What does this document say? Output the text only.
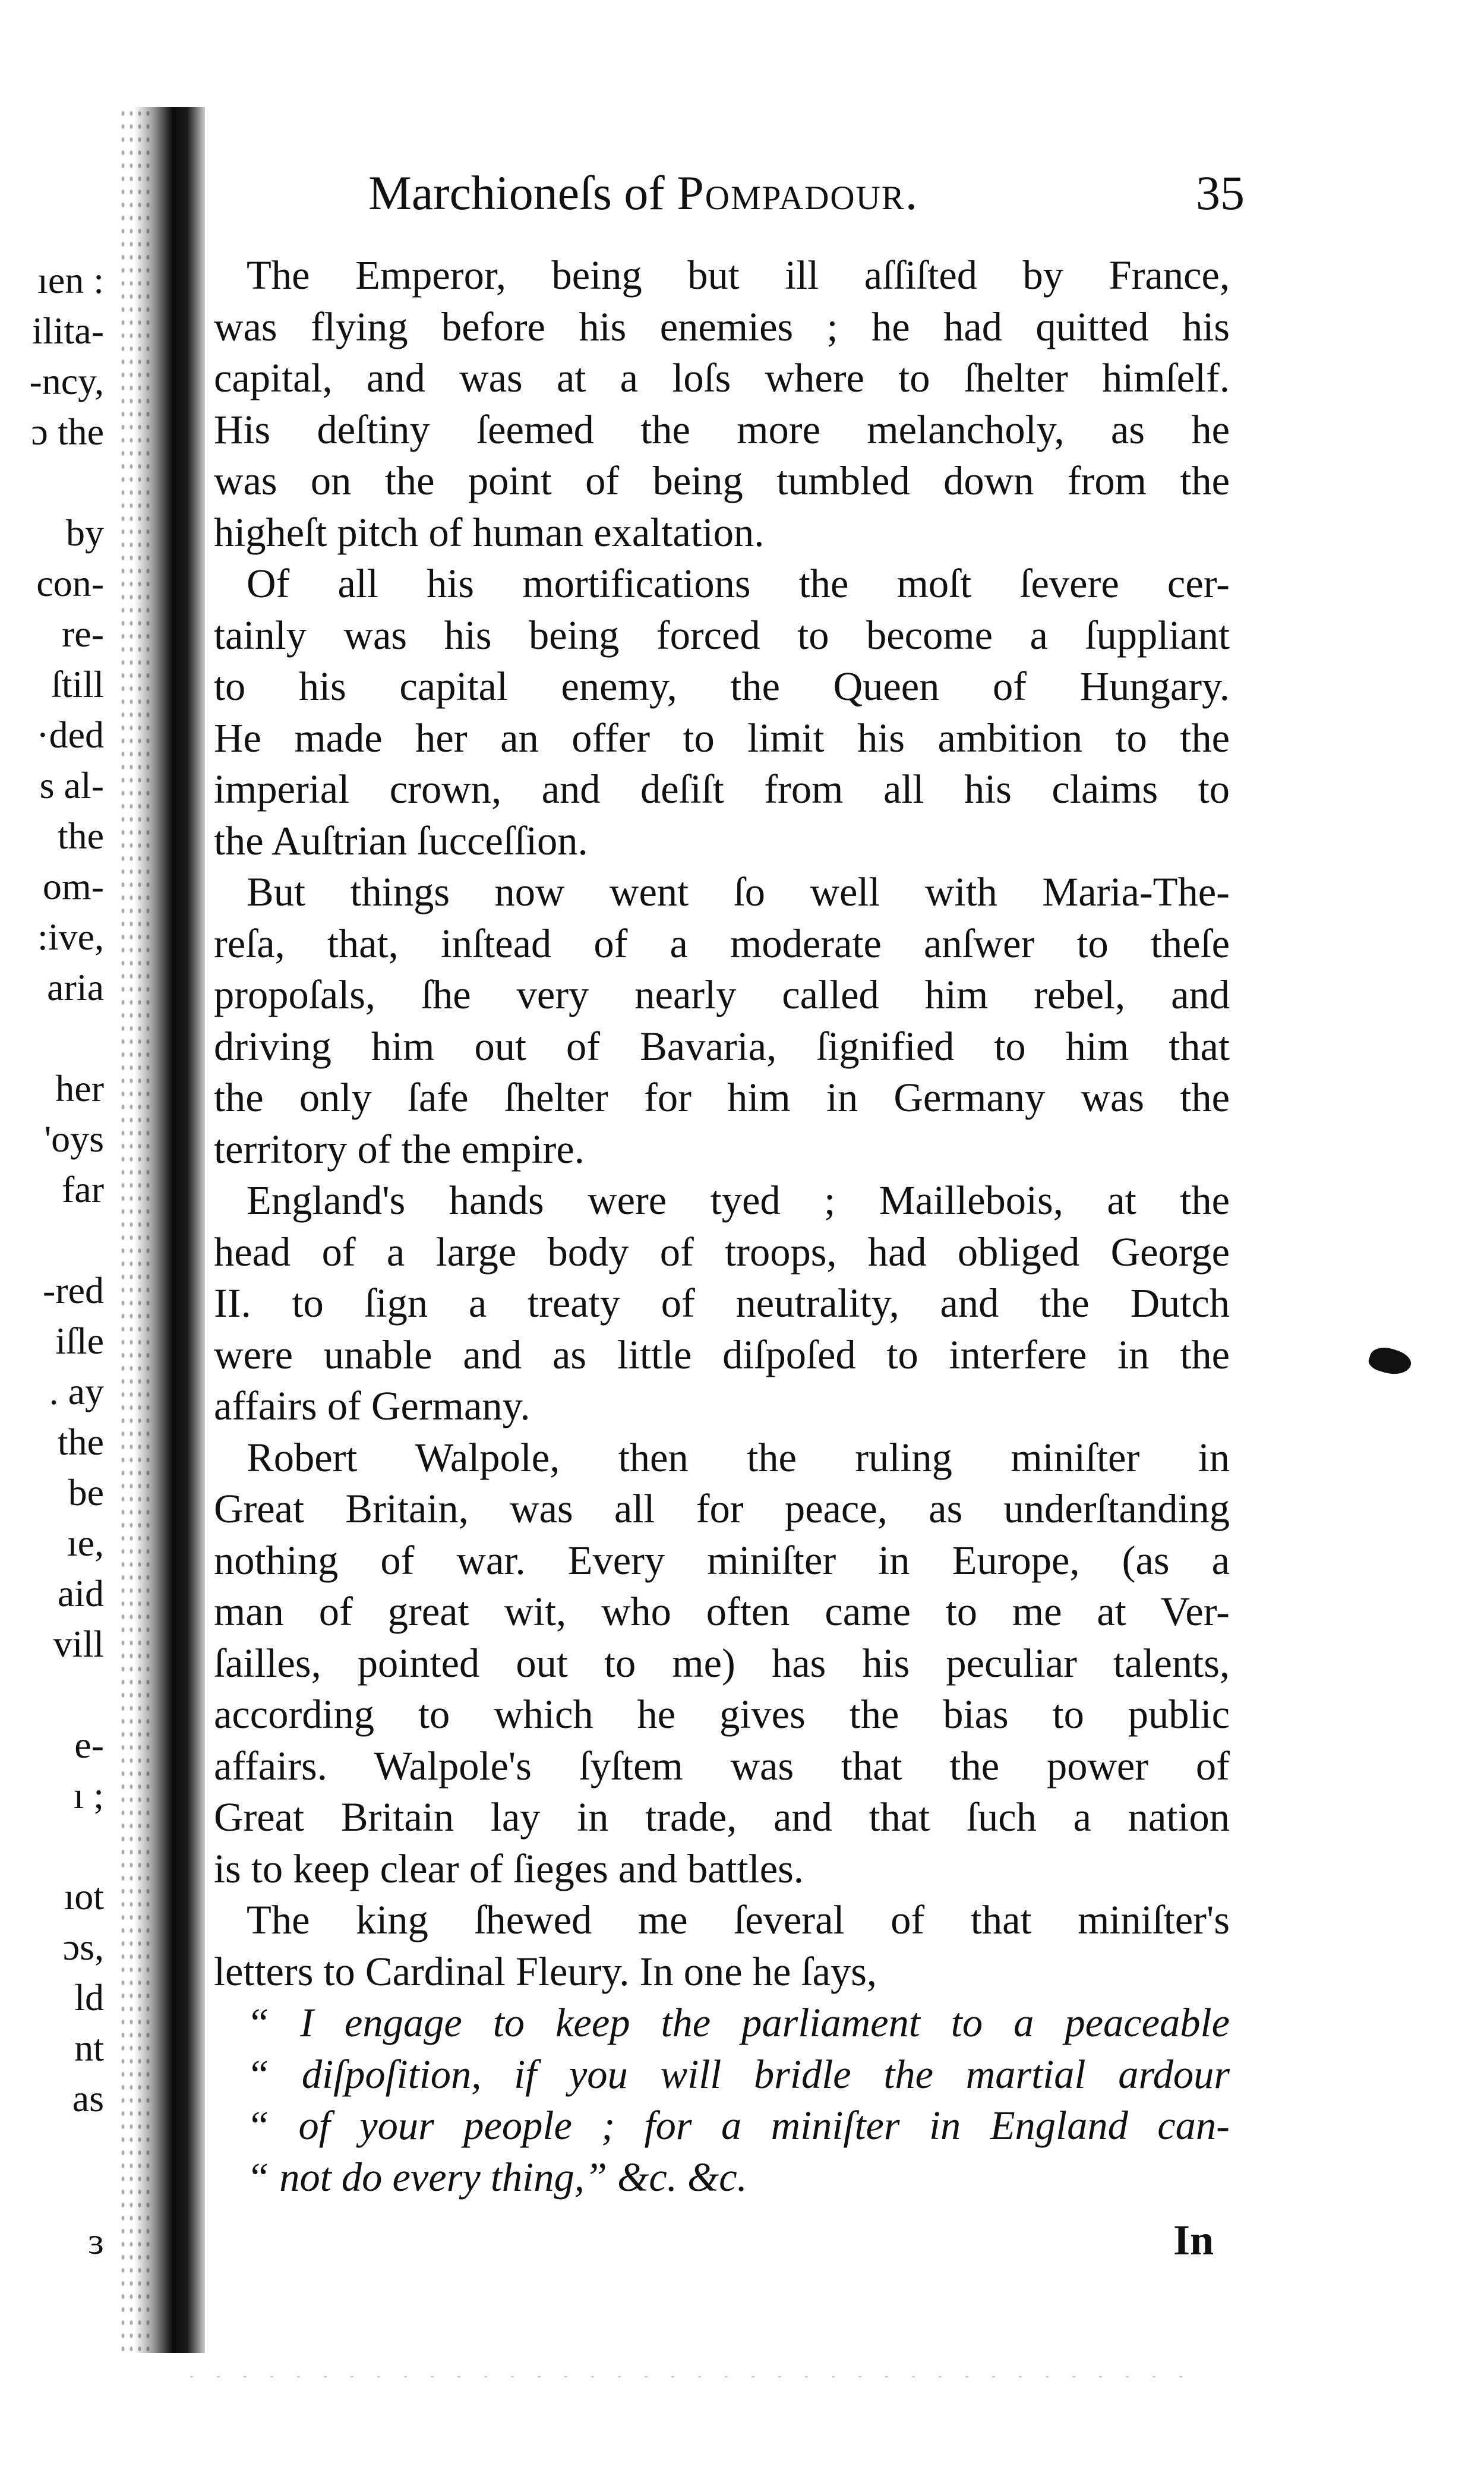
ıen :
ilita-
-ncy,
ɔ the
by
con-
re-
ſtill
·ded
s al-
the
om-
:ive,
aria
her
'oys
far
-red
iſle
. ay
the
be
ıe,
aid
vill
e-
ı ;
ıot
ɔs,
ld
nt
as
ɜ
Marchioneſs of Pompadour.	35
The Emperor, being but ill aſſiſted by France,
was flying before his enemies ; he had quitted his
capital, and was at a loſs where to ſhelter himſelf.
His deſtiny ſeemed the more melancholy, as he
was on the point of being tumbled down from the
higheſt pitch of human exaltation.
Of all his mortifications the moſt ſevere cer-
tainly was his being forced to become a ſuppliant
to his capital enemy, the Queen of Hungary.
He made her an offer to limit his ambition to the
imperial crown, and deſiſt from all his claims to
the Auſtrian ſucceſſion.
But things now went ſo well with Maria-The-
reſa, that, inſtead of a moderate anſwer to theſe
propoſals, ſhe very nearly called him rebel, and
driving him out of Bavaria, ſignified to him that
the only ſafe ſhelter for him in Germany was the
territory of the empire.
England's hands were tyed ; Maillebois, at the
head of a large body of troops, had obliged George
II. to ſign a treaty of neutrality, and the Dutch
were unable and as little diſpoſed to interfere in the
affairs of Germany.
Robert Walpole, then the ruling miniſter in
Great Britain, was all for peace, as underſtanding
nothing of war. Every miniſter in Europe, (as a
man of great wit, who often came to me at Ver-
ſailles, pointed out to me) has his peculiar talents,
according to which he gives the bias to public
affairs. Walpole's ſyſtem was that the power of
Great Britain lay in trade, and that ſuch a nation
is to keep clear of ſieges and battles.
The king ſhewed me ſeveral of that miniſter's
letters to Cardinal Fleury. In one he ſays,
“ I engage to keep the parliament to a peaceable
“ diſpoſition, if you will bridle the martial ardour
“ of your people ; for a miniſter in England can-
“ not do every thing,” &c. &c.
In
